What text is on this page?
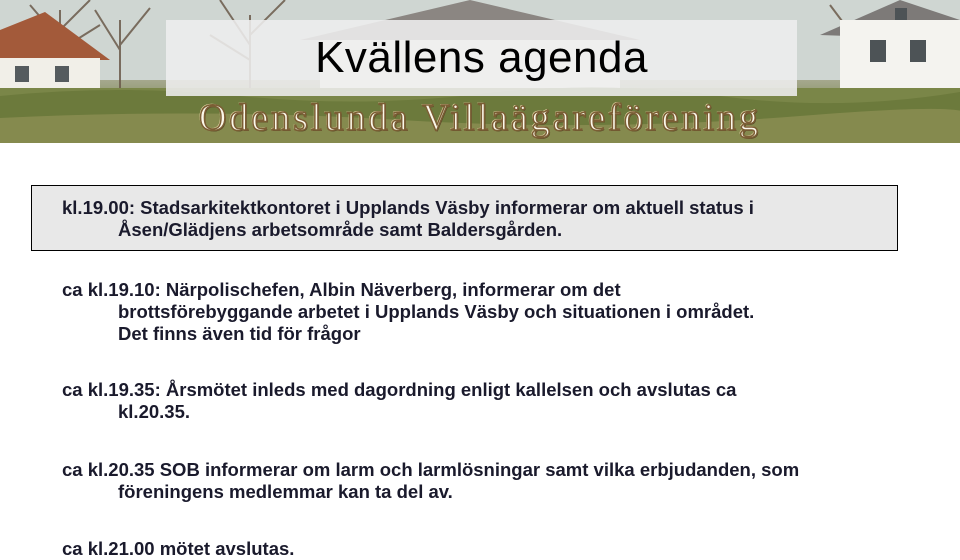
Kvällens agenda
Odenslunda Villaägareförening
kl.19.00: Stadsarkitektkontoret i Upplands Väsby informerar om aktuell status i
Åsen/Glädjens arbetsområde samt Baldersgården.
ca kl.19.10: Närpolischefen, Albin Näverberg, informerar om det
brottsförebyggande arbetet i Upplands Väsby och situationen i området.
Det finns även tid för frågor
ca kl.19.35: Årsmötet inleds med dagordning enligt kallelsen och avslutas ca
kl.20.35.
ca kl.20.35 SOB informerar om larm och larmlösningar samt vilka erbjudanden, som
föreningens medlemmar kan ta del av.
ca kl.21.00 mötet avslutas.
